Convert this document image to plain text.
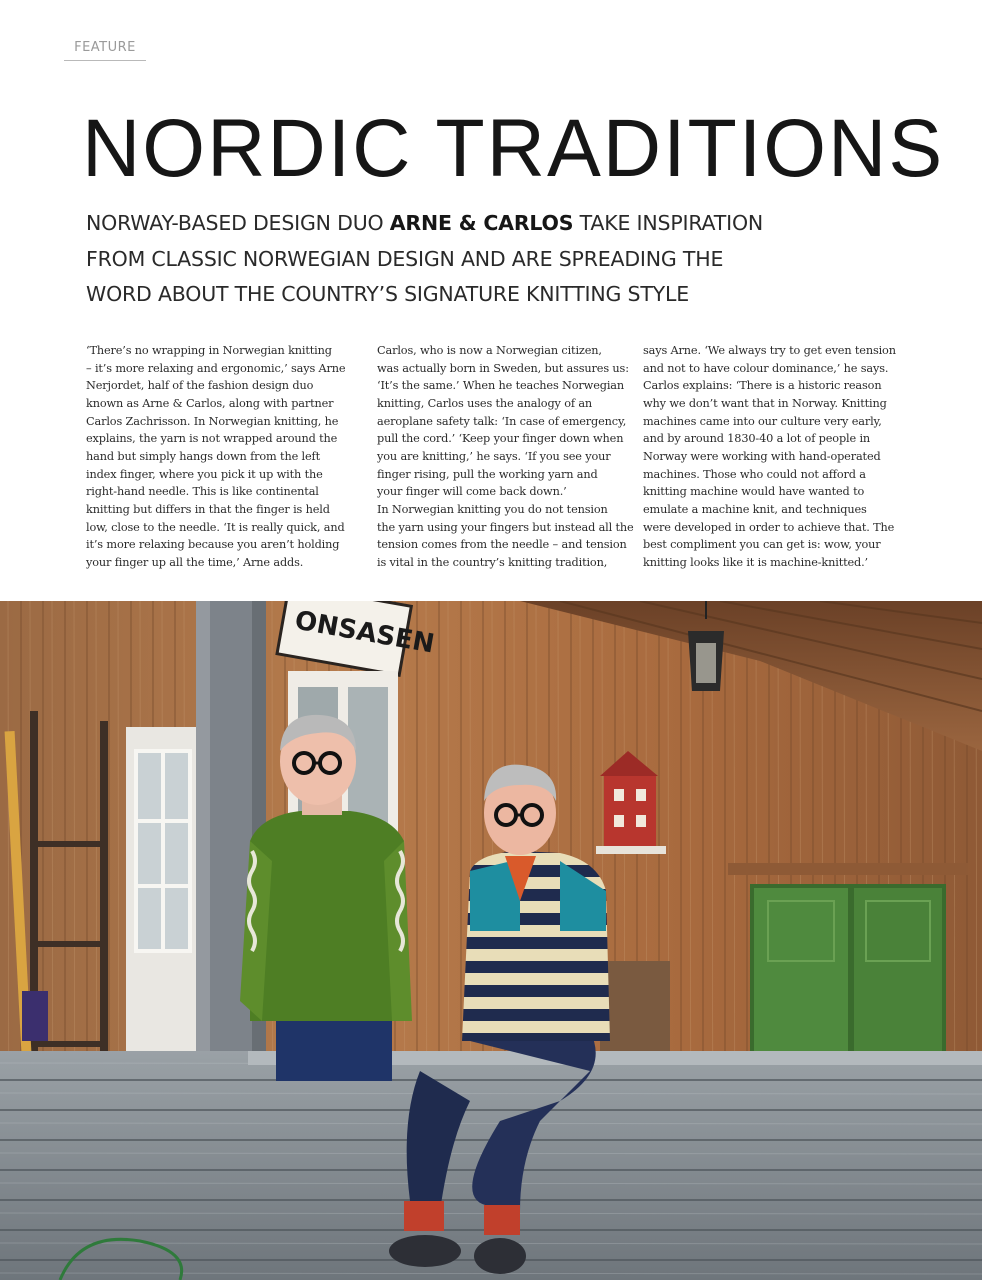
FEATURE
NORDIC TRADITIONS
NORWAY-BASED DESIGN DUO ARNE & CARLOS TAKE INSPIRATION
FROM CLASSIC NORWEGIAN DESIGN AND ARE SPREADING THE
WORD ABOUT THE COUNTRY’S SIGNATURE KNITTING STYLE

‘There’s no wrapping in Norwegian knitting
– it’s more relaxing and ergonomic,’ says Arne
Nerjordet, half of the fashion design duo
known as Arne & Carlos, along with partner
Carlos Zachrisson. In Norwegian knitting, he
explains, the yarn is not wrapped around the
hand but simply hangs down from the left
index finger, where you pick it up with the
right-hand needle. This is like continental
knitting but differs in that the finger is held
low, close to the needle. ‘It is really quick, and
it’s more relaxing because you aren’t holding
your finger up all the time,’ Arne adds.

Carlos, who is now a Norwegian citizen,
was actually born in Sweden, but assures us:
‘It’s the same.’ When he teaches Norwegian
knitting, Carlos uses the analogy of an
aeroplane safety talk: ‘In case of emergency,
pull the cord.’ ‘Keep your finger down when
you are knitting,’ he says. ‘If you see your
finger rising, pull the working yarn and
your finger will come back down.’

In Norwegian knitting you do not tension
the yarn using your fingers but instead all the
tension comes from the needle – and tension
is vital in the country’s knitting tradition,

says Arne. ‘We always try to get even tension
and not to have colour dominance,’ he says.
Carlos explains: ‘There is a historic reason
why we don’t want that in Norway. Knitting
machines came into our culture very early,
and by around 1830-40 a lot of people in
Norway were working with hand-operated
machines. Those who could not afford a
knitting machine would have wanted to
emulate a machine knit, and techniques
were developed in order to achieve that. The
best compliment you can get is: wow, your
knitting looks like it is machine-knitted.’

ONSASEN
